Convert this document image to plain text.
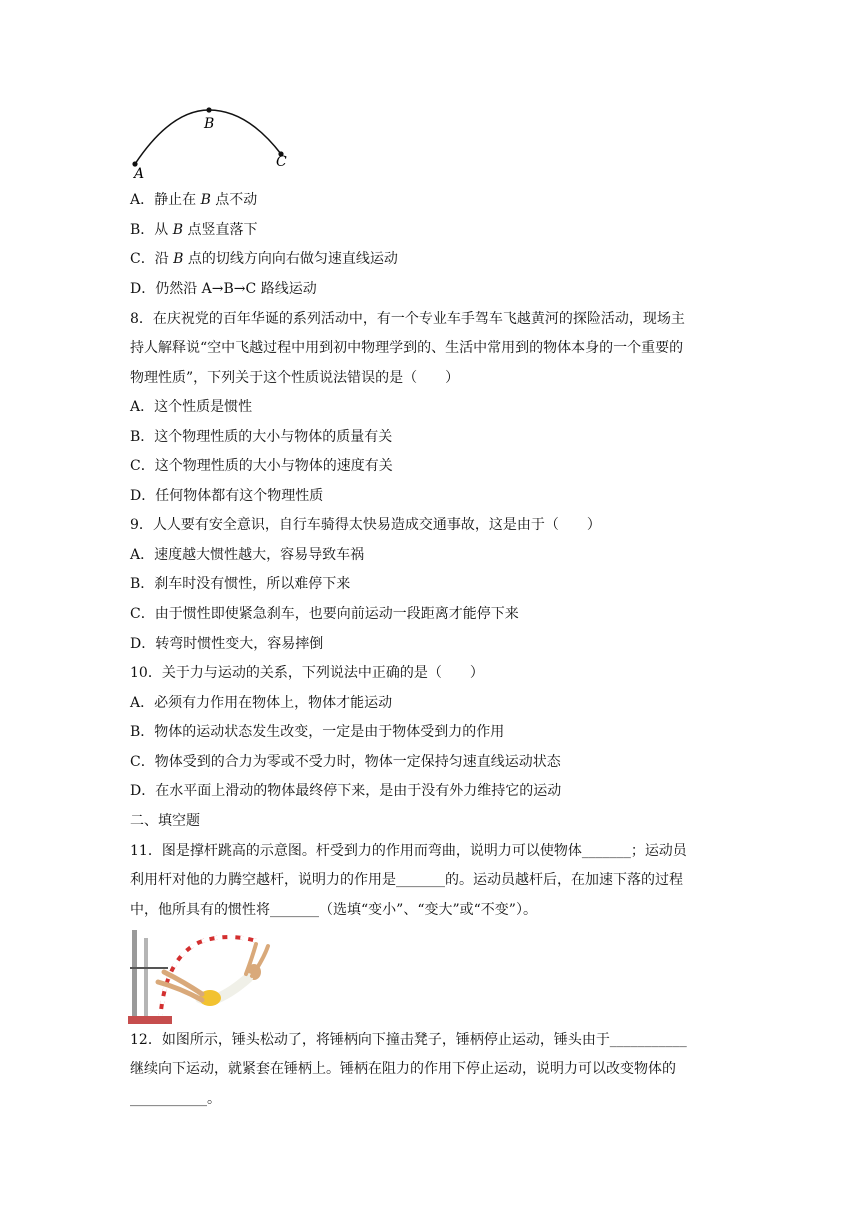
A
B
C
A．静止在 B 点不动
B．从 B 点竖直落下
C．沿 B 点的切线方向向右做匀速直线运动
D．仍然沿 A→B→C 路线运动
8．在庆祝党的百年华诞的系列活动中，有一个专业车手驾车飞越黄河的探险活动，现场主
持人解释说“空中飞越过程中用到初中物理学到的、生活中常用到的物体本身的一个重要的
物理性质”，下列关于这个性质说法错误的是（　　）
A．这个性质是惯性
B．这个物理性质的大小与物体的质量有关
C．这个物理性质的大小与物体的速度有关
D．任何物体都有这个物理性质
9．人人要有安全意识，自行车骑得太快易造成交通事故，这是由于（　　）
A．速度越大惯性越大，容易导致车祸
B．刹车时没有惯性，所以难停下来
C．由于惯性即使紧急刹车，也要向前运动一段距离才能停下来
D．转弯时惯性变大，容易摔倒
10．关于力与运动的关系，下列说法中正确的是（　　）
A．必须有力作用在物体上，物体才能运动
B．物体的运动状态发生改变，一定是由于物体受到力的作用
C．物体受到的合力为零或不受力时，物体一定保持匀速直线运动状态
D．在水平面上滑动的物体最终停下来，是由于没有外力维持它的运动
二、填空题
11．图是撑杆跳高的示意图。杆受到力的作用而弯曲，说明力可以使物体_______；运动员
利用杆对他的力腾空越杆，说明力的作用是_______的。运动员越杆后，在加速下落的过程
中，他所具有的惯性将_______（选填“变小”、“变大”或“不变”）。
12．如图所示，锤头松动了，将锤柄向下撞击凳子，锤柄停止运动，锤头由于___________
继续向下运动，就紧套在锤柄上。锤柄在阻力的作用下停止运动，说明力可以改变物体的
___________。
